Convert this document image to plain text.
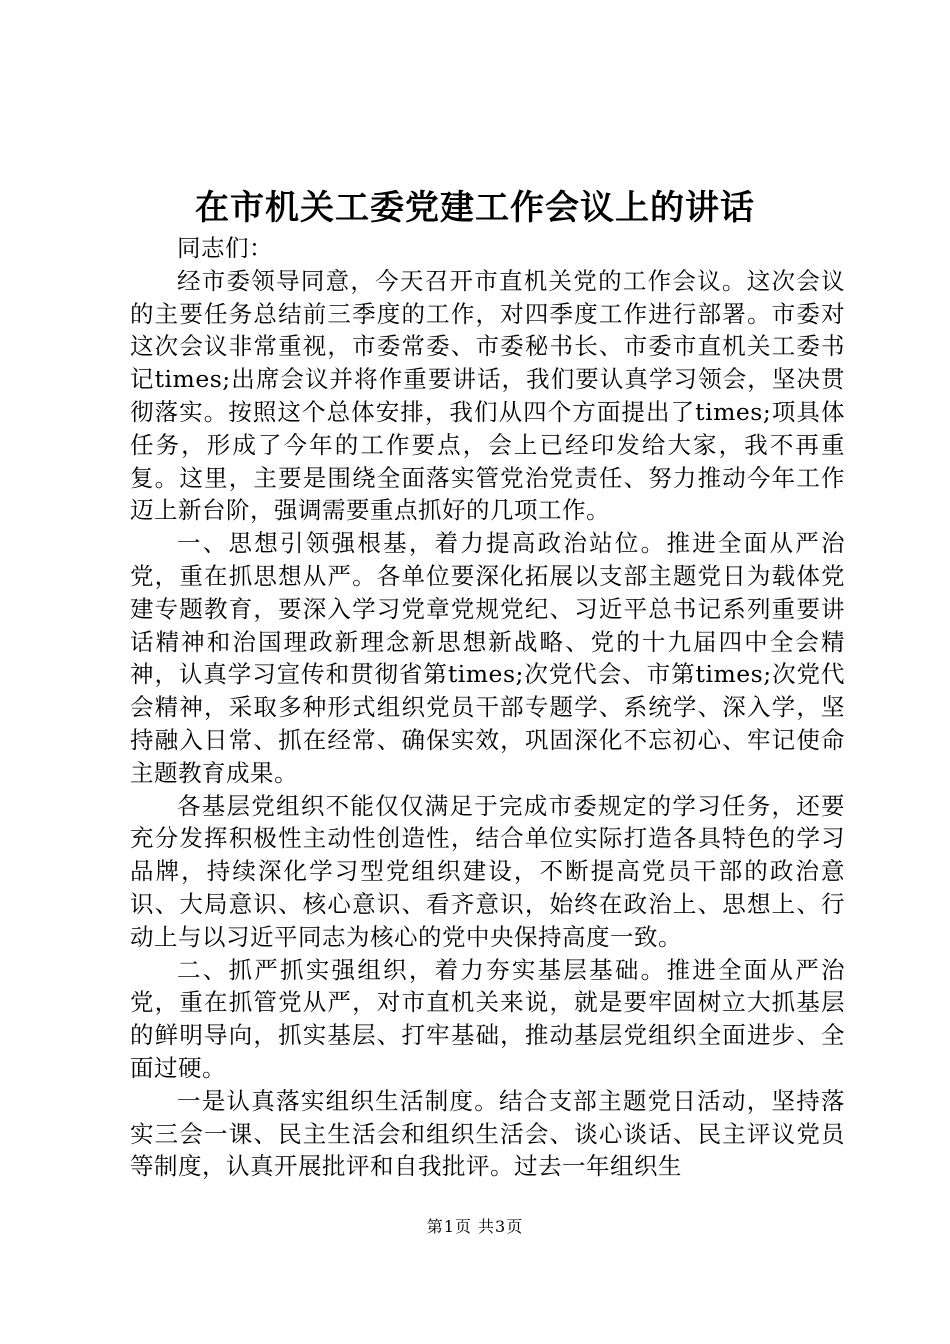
在市机关工委党建工作会议上的讲话

同志们：

经市委领导同意，今天召开市直机关党的工作会议。这次会议的主要任务总结前三季度的工作，对四季度工作进行部署。市委对这次会议非常重视，市委常委、市委秘书长、市委市直机关工委书记times;出席会议并将作重要讲话，我们要认真学习领会，坚决贯彻落实。按照这个总体安排，我们从四个方面提出了times;项具体任务，形成了今年的工作要点，会上已经印发给大家，我不再重复。这里，主要是围绕全面落实管党治党责任、努力推动今年工作迈上新台阶，强调需要重点抓好的几项工作。

一、思想引领强根基，着力提高政治站位。推进全面从严治党，重在抓思想从严。各单位要深化拓展以支部主题党日为载体党建专题教育，要深入学习党章党规党纪、习近平总书记系列重要讲话精神和治国理政新理念新思想新战略、党的十九届四中全会精神，认真学习宣传和贯彻省第times;次党代会、市第times;次党代会精神，采取多种形式组织党员干部专题学、系统学、深入学，坚持融入日常、抓在经常、确保实效，巩固深化不忘初心、牢记使命主题教育成果。

各基层党组织不能仅仅满足于完成市委规定的学习任务，还要充分发挥积极性主动性创造性，结合单位实际打造各具特色的学习品牌，持续深化学习型党组织建设，不断提高党员干部的政治意识、大局意识、核心意识、看齐意识，始终在政治上、思想上、行动上与以习近平同志为核心的党中央保持高度一致。

二、抓严抓实强组织，着力夯实基层基础。推进全面从严治党，重在抓管党从严，对市直机关来说，就是要牢固树立大抓基层的鲜明导向，抓实基层、打牢基础，推动基层党组织全面进步、全面过硬。

一是认真落实组织生活制度。结合支部主题党日活动，坚持落实三会一课、民主生活会和组织生活会、谈心谈话、民主评议党员等制度，认真开展批评和自我批评。过去一年组织生

第1页 共3页
